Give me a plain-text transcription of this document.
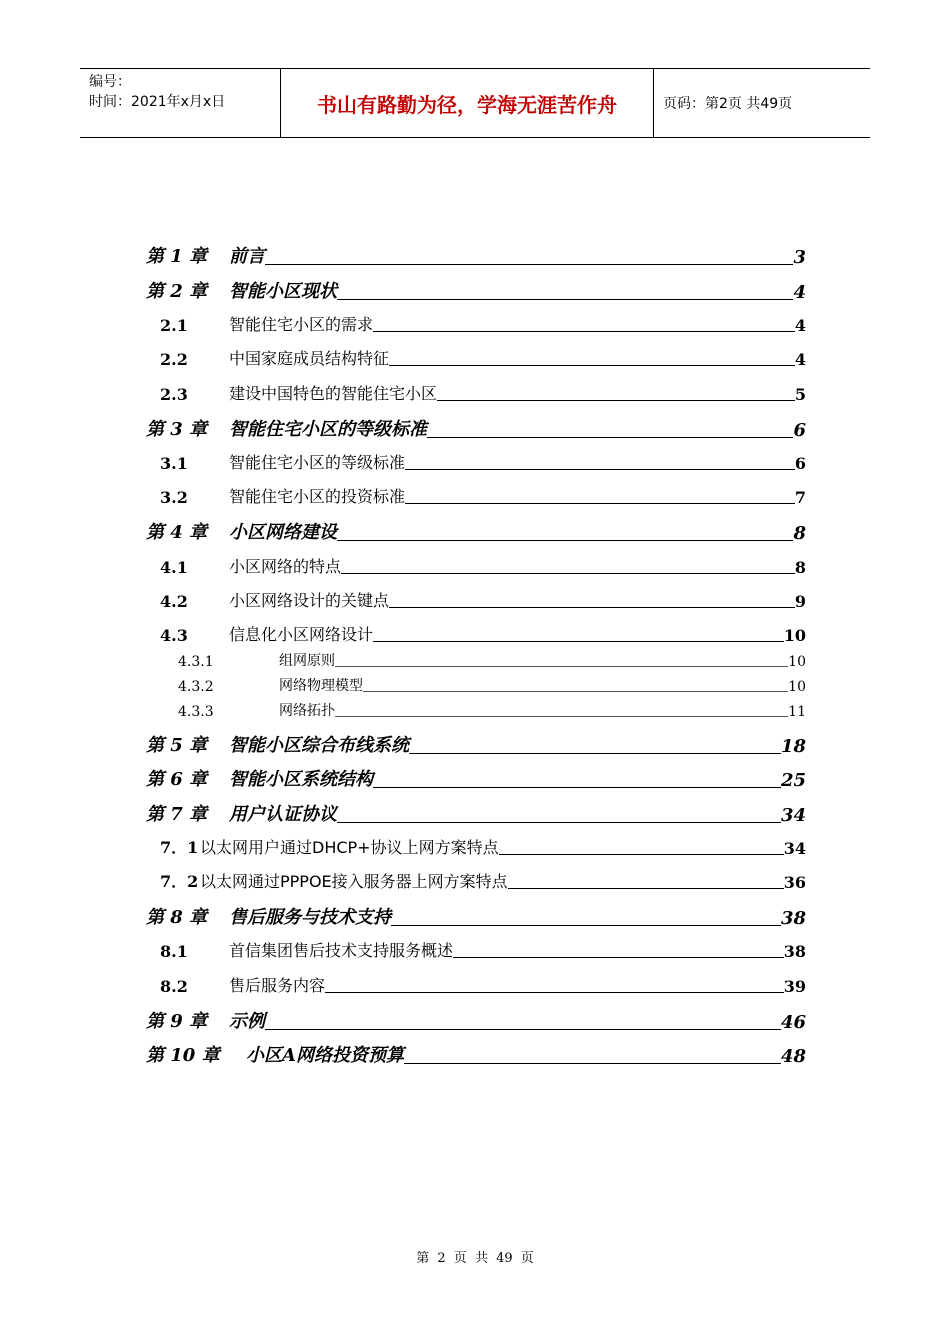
编号：
时间：2021年x月x日	书山有路勤为径，学海无涯苦作舟	页码：第2页 共49页
第 1 章	前言	3
第 2 章	智能小区现状	4
2.1	智能住宅小区的需求	4
2.2	中国家庭成员结构特征	4
2.3	建设中国特色的智能住宅小区	5
第 3 章	智能住宅小区的等级标准	6
3.1	智能住宅小区的等级标准	6
3.2	智能住宅小区的投资标准	7
第 4 章	小区网络建设	8
4.1	小区网络的特点	8
4.2	小区网络设计的关键点	9
4.3	信息化小区网络设计	10
4.3.1	组网原则	10
4.3.2	网络物理模型	10
4.3.3	网络拓扑	11
第 5 章	智能小区综合布线系统	18
第 6 章	智能小区系统结构	25
第 7 章	用户认证协议	34
7．1 以太网用户通过DHCP+协议上网方案特点	34
7．2 以太网通过PPPOE接入服务器上网方案特点	36
第 8 章	售后服务与技术支持	38
8.1	首信集团售后技术支持服务概述	38
8.2	售后服务内容	39
第 9 章	示例	46
第 10 章	小区A网络投资预算	48
第 2 页 共 49 页
